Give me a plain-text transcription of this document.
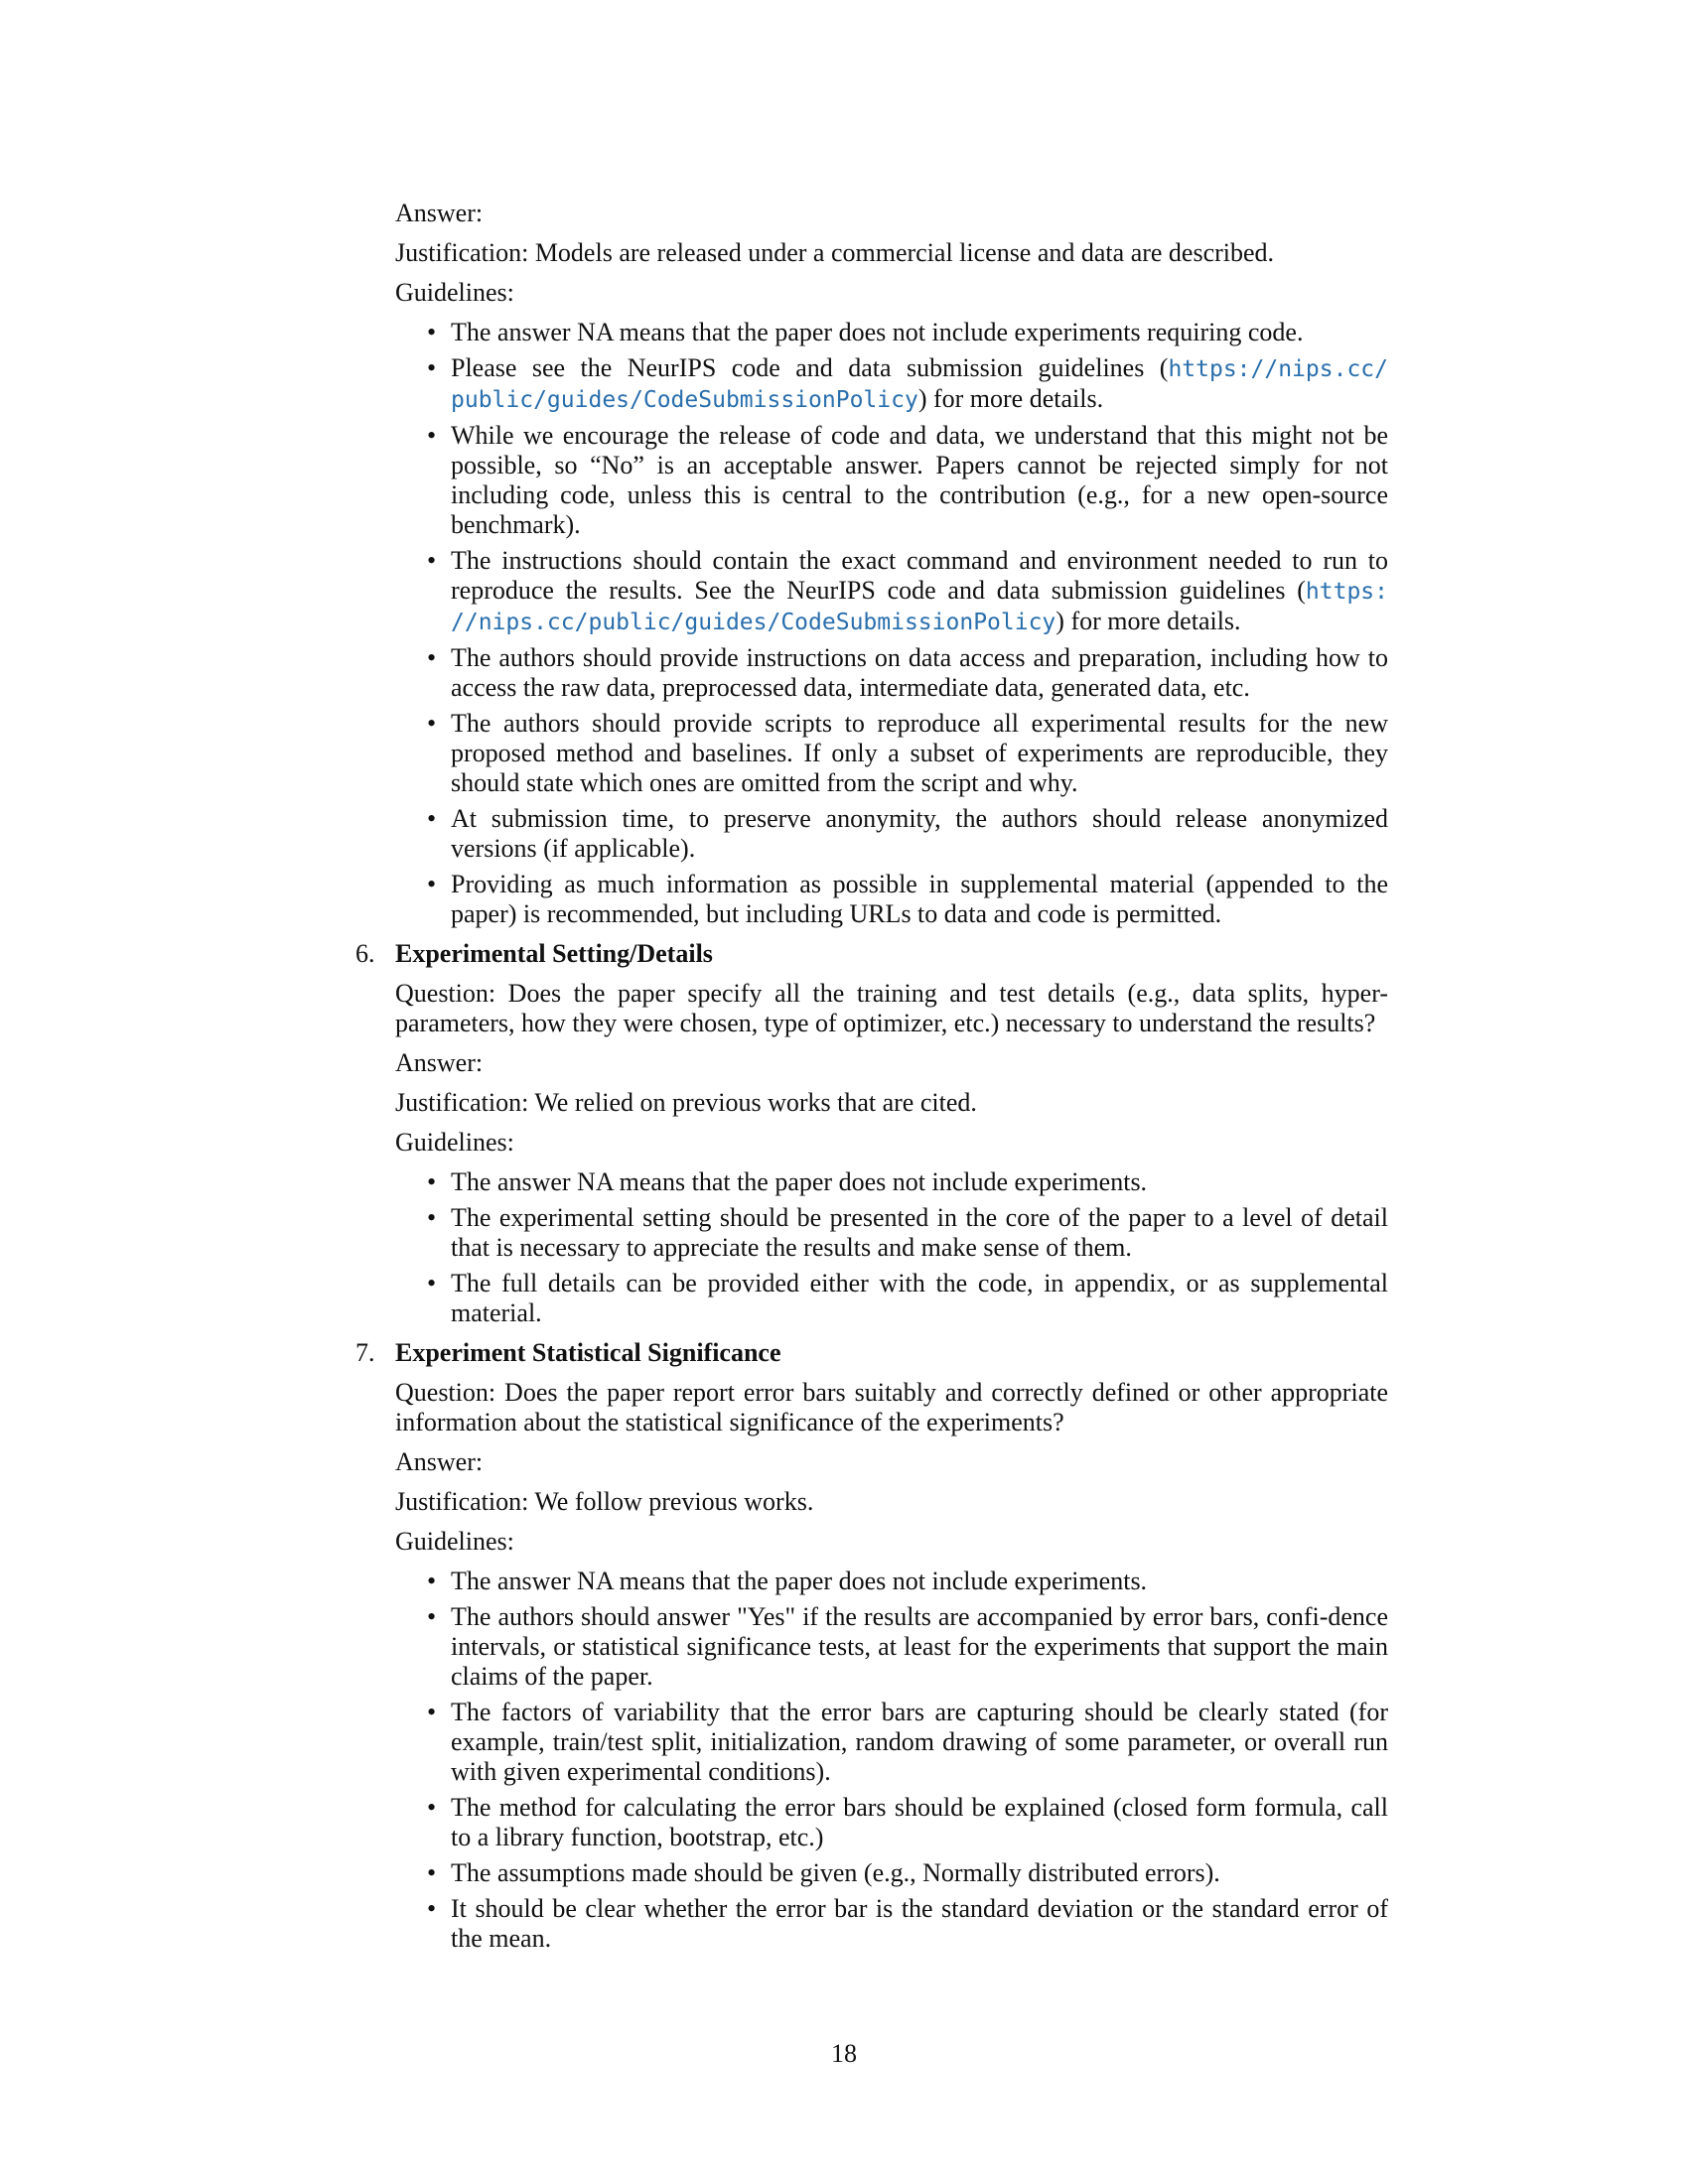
Answer:

Justification: Models are released under a commercial license and data are described.

Guidelines:

• The answer NA means that the paper does not include experiments requiring code.
• Please see the NeurIPS code and data submission guidelines (https://nips.cc/ public/guides/CodeSubmissionPolicy) for more details.
• While we encourage the release of code and data, we understand that this might not be possible, so “No” is an acceptable answer. Papers cannot be rejected simply for not including code, unless this is central to the contribution (e.g., for a new open-source benchmark).
• The instructions should contain the exact command and environment needed to run to reproduce the results. See the NeurIPS code and data submission guidelines (https: //nips.cc/public/guides/CodeSubmissionPolicy) for more details.
• The authors should provide instructions on data access and preparation, including how to access the raw data, preprocessed data, intermediate data, generated data, etc.
• The authors should provide scripts to reproduce all experimental results for the new proposed method and baselines. If only a subset of experiments are reproducible, they should state which ones are omitted from the script and why.
• At submission time, to preserve anonymity, the authors should release anonymized versions (if applicable).
• Providing as much information as possible in supplemental material (appended to the paper) is recommended, but including URLs to data and code is permitted.
6. Experimental Setting/Details

Question: Does the paper specify all the training and test details (e.g., data splits, hyper-parameters, how they were chosen, type of optimizer, etc.) necessary to understand the results?

Answer:

Justification: We relied on previous works that are cited.

Guidelines:

• The answer NA means that the paper does not include experiments.
• The experimental setting should be presented in the core of the paper to a level of detail that is necessary to appreciate the results and make sense of them.
• The full details can be provided either with the code, in appendix, or as supplemental material.
7. Experiment Statistical Significance

Question: Does the paper report error bars suitably and correctly defined or other appropriate information about the statistical significance of the experiments?

Answer:

Justification: We follow previous works.

Guidelines:

• The answer NA means that the paper does not include experiments.
• The authors should answer "Yes" if the results are accompanied by error bars, confi-dence intervals, or statistical significance tests, at least for the experiments that support the main claims of the paper.
• The factors of variability that the error bars are capturing should be clearly stated (for example, train/test split, initialization, random drawing of some parameter, or overall run with given experimental conditions).
• The method for calculating the error bars should be explained (closed form formula, call to a library function, bootstrap, etc.)
• The assumptions made should be given (e.g., Normally distributed errors).
• It should be clear whether the error bar is the standard deviation or the standard error of the mean.
18
